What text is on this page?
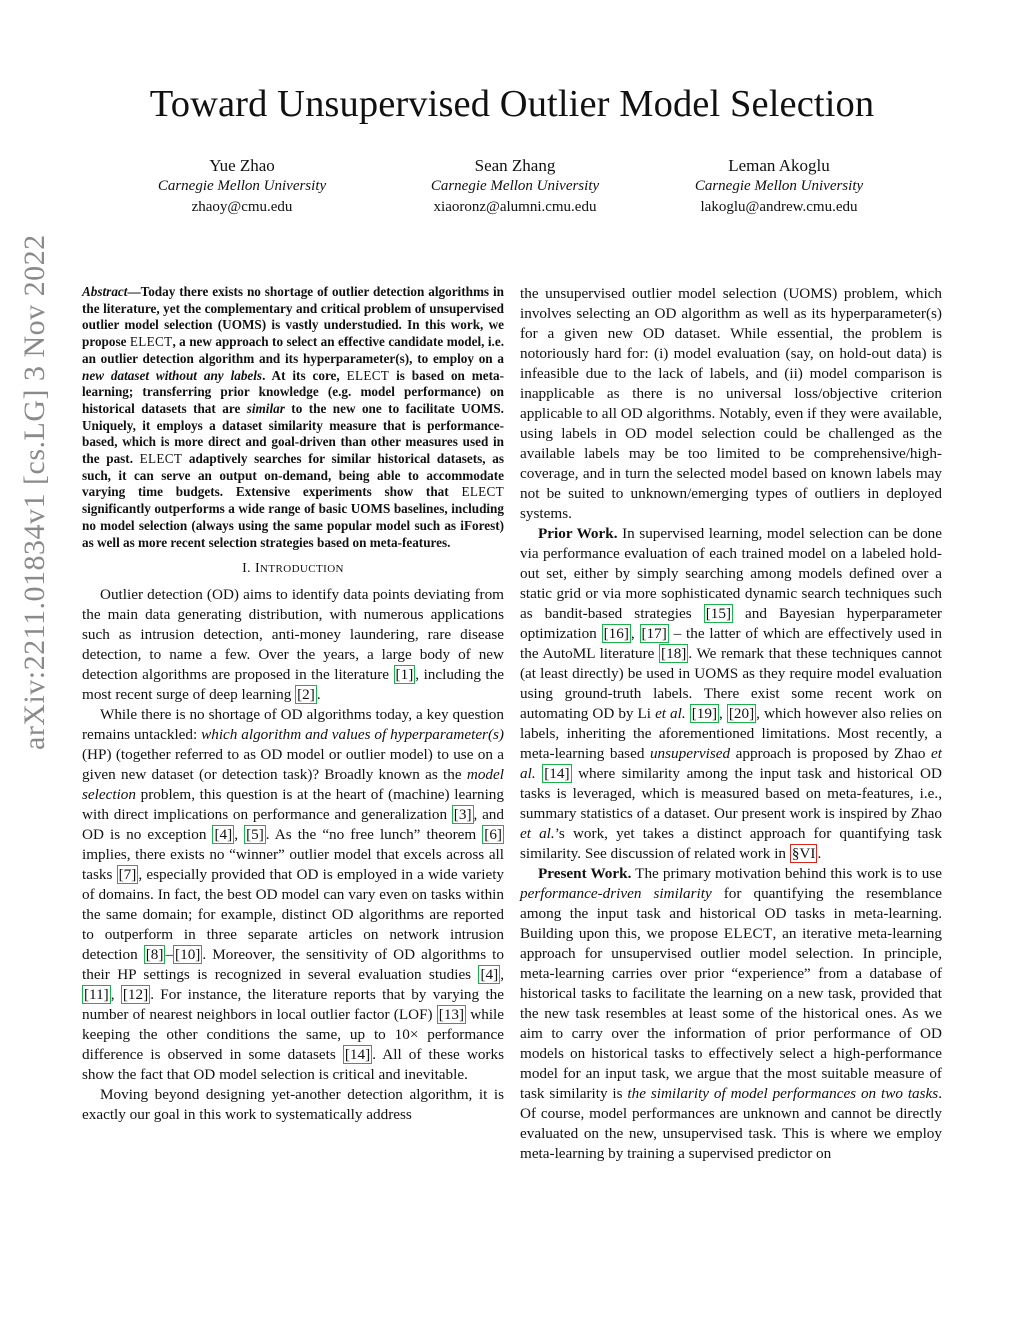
Toward Unsupervised Outlier Model Selection
Yue Zhao
Carnegie Mellon University
zhaoy@cmu.edu
Sean Zhang
Carnegie Mellon University
xiaoronz@alumni.cmu.edu
Leman Akoglu
Carnegie Mellon University
lakoglu@andrew.cmu.edu
arXiv:2211.01834v1 [cs.LG] 3 Nov 2022 Abstract—Today there exists no shortage of outlier detection algorithms in the literature, yet the complementary and critical problem of unsupervised outlier model selection (UOMS) is vastly understudied. In this work, we propose ELECT, a new approach to select an effective candidate model, i.e. an outlier detection algorithm and its hyperparameter(s), to employ on a new dataset without any labels. At its core, ELECT is based on meta-learning; transferring prior knowledge (e.g. model performance) on historical datasets that are similar to the new one to facilitate UOMS. Uniquely, it employs a dataset similarity measure that is performance-based, which is more direct and goal-driven than other measures used in the past. ELECT adaptively searches for similar historical datasets, as such, it can serve an output on-demand, being able to accommodate varying time budgets. Extensive experiments show that ELECT significantly outperforms a wide range of basic UOMS baselines, including no model selection (always using the same popular model such as iForest) as well as more recent selection strategies based on meta-features.

I. INTRODUCTION

Outlier detection (OD) aims to identify data points deviating from the main data generating distribution, with numerous applications such as intrusion detection, anti-money laundering, rare disease detection, to name a few. Over the years, a large body of new detection algorithms are proposed in the literature [1] , including the most recent surge of deep learning [2] .

While there is no shortage of OD algorithms today, a key question remains untackled: which algorithm and values of hyperparameter(s) (HP) (together referred to as OD model or outlier model) to use on a given new dataset (or detection task)? Broadly known as the model selection problem, this question is at the heart of (machine) learning with direct implications on performance and generalization [3] , and OD is no exception [4] , [5] . As the “no free lunch” theorem [6] implies, there exists no “winner” outlier model that excels across all tasks [7] , especially provided that OD is employed in a wide variety of domains. In fact, the best OD model can vary even on tasks within the same domain; for example, distinct OD algorithms are reported to outperform in three separate articles on network intrusion detection [8] – [10] . Moreover, the sensitivity of OD algorithms to their HP settings is recognized in several evaluation studies [4] , [11] , [12] . For instance, the literature reports that by varying the number of nearest neighbors in local outlier factor (LOF) [13] while keeping the other conditions the same, up to 10× performance difference is observed in some datasets [14] . All of these works show the fact that OD model selection is critical and inevitable.

Moving beyond designing yet-another detection algorithm, it is exactly our goal in this work to systematically address

the unsupervised outlier model selection (UOMS) problem, which involves selecting an OD algorithm as well as its hyperparameter(s) for a given new OD dataset. While essential, the problem is notoriously hard for: (i) model evaluation (say, on hold-out data) is infeasible due to the lack of labels, and (ii) model comparison is inapplicable as there is no universal loss/objective criterion applicable to all OD algorithms. Notably, even if they were available, using labels in OD model selection could be challenged as the available labels may be too limited to be comprehensive/high-coverage, and in turn the selected model based on known labels may not be suited to unknown/emerging types of outliers in deployed systems.

Prior Work. In supervised learning, model selection can be done via performance evaluation of each trained model on a labeled hold-out set, either by simply searching among models defined over a static grid or via more sophisticated dynamic search techniques such as bandit-based strategies [15] and Bayesian hyperparameter optimization [16] , [17] – the latter of which are effectively used in the AutoML literature [18] . We remark that these techniques cannot (at least directly) be used in UOMS as they require model evaluation using ground-truth labels. There exist some recent work on automating OD by Li et al. [19] , [20] , which however also relies on labels, inheriting the aforementioned limitations. Most recently, a meta-learning based unsupervised approach is proposed by Zhao et al. [14] where similarity among the input task and historical OD tasks is leveraged, which is measured based on meta-features, i.e., summary statistics of a dataset. Our present work is inspired by Zhao et al.’s work, yet takes a distinct approach for quantifying task similarity. See discussion of related work in §VI .

Present Work. The primary motivation behind this work is to use performance-driven similarity for quantifying the resemblance among the input task and historical OD tasks in meta-learning. Building upon this, we propose ELECT, an iterative meta-learning approach for unsupervised outlier model selection. In principle, meta-learning carries over prior “experience” from a database of historical tasks to facilitate the learning on a new task, provided that the new task resembles at least some of the historical ones. As we aim to carry over the information of prior performance of OD models on historical tasks to effectively select a high-performance model for an input task, we argue that the most suitable measure of task similarity is the similarity of model performances on two tasks. Of course, model performances are unknown and cannot be directly evaluated on the new, unsupervised task. This is where we employ meta-learning by training a supervised predictor on
